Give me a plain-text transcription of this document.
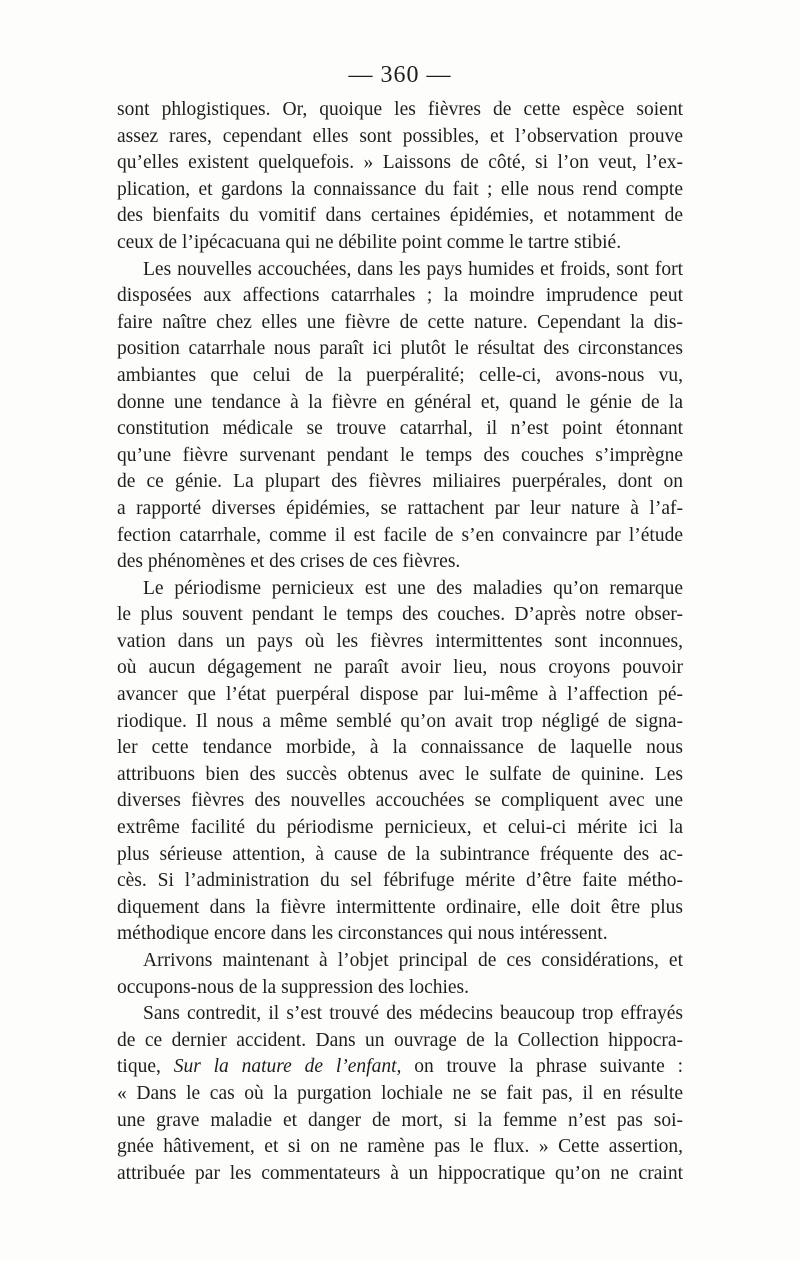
— 360 —
sont phlogistiques. Or, quoique les fièvres de cette espèce soient
assez rares, cependant elles sont possibles, et l’observation prouve
qu’elles existent quelquefois. » Laissons de côté, si l’on veut, l’ex-
plication, et gardons la connaissance du fait ; elle nous rend compte
des bienfaits du vomitif dans certaines épidémies, et notamment de
ceux de l’ipécacuana qui ne débilite point comme le tartre stibié.
Les nouvelles accouchées, dans les pays humides et froids, sont fort
disposées aux affections catarrhales ; la moindre imprudence peut
faire naître chez elles une fièvre de cette nature. Cependant la dis-
position catarrhale nous paraît ici plutôt le résultat des circonstances
ambiantes que celui de la puerpéralité; celle-ci, avons-nous vu,
donne une tendance à la fièvre en général et, quand le génie de la
constitution médicale se trouve catarrhal, il n’est point étonnant
qu’une fièvre survenant pendant le temps des couches s’imprègne
de ce génie. La plupart des fièvres miliaires puerpérales, dont on
a rapporté diverses épidémies, se rattachent par leur nature à l’af-
fection catarrhale, comme il est facile de s’en convaincre par l’étude
des phénomènes et des crises de ces fièvres.
Le périodisme pernicieux est une des maladies qu’on remarque
le plus souvent pendant le temps des couches. D’après notre obser-
vation dans un pays où les fièvres intermittentes sont inconnues,
où aucun dégagement ne paraît avoir lieu, nous croyons pouvoir
avancer que l’état puerpéral dispose par lui-même à l’affection pé-
riodique. Il nous a même semblé qu’on avait trop négligé de signa-
ler cette tendance morbide, à la connaissance de laquelle nous
attribuons bien des succès obtenus avec le sulfate de quinine. Les
diverses fièvres des nouvelles accouchées se compliquent avec une
extrême facilité du périodisme pernicieux, et celui-ci mérite ici la
plus sérieuse attention, à cause de la subintrance fréquente des ac-
cès. Si l’administration du sel fébrifuge mérite d’être faite métho-
diquement dans la fièvre intermittente ordinaire, elle doit être plus
méthodique encore dans les circonstances qui nous intéressent.
Arrivons maintenant à l’objet principal de ces considérations, et
occupons-nous de la suppression des lochies.
Sans contredit, il s’est trouvé des médecins beaucoup trop effrayés
de ce dernier accident. Dans un ouvrage de la Collection hippocra-
tique, Sur la nature de l’enfant, on trouve la phrase suivante :
« Dans le cas où la purgation lochiale ne se fait pas, il en résulte
une grave maladie et danger de mort, si la femme n’est pas soi-
gnée hâtivement, et si on ne ramène pas le flux. » Cette assertion,
attribuée par les commentateurs à un hippocratique qu’on ne craint
